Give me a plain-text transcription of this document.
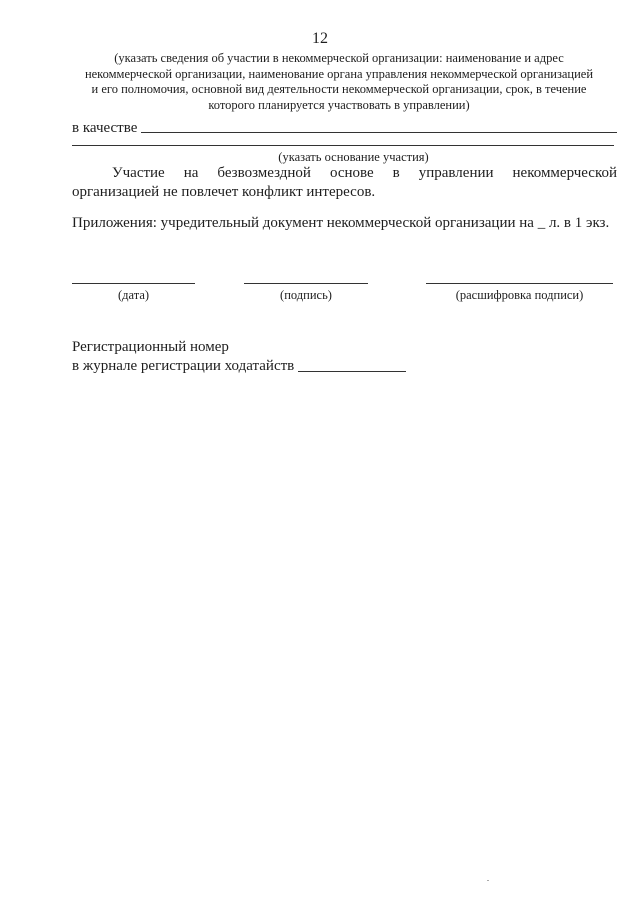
12
(указать сведения об участии в некоммерческой организации: наименование и адрес
некоммерческой организации, наименование органа управления некоммерческой организацией
и его полномочия, основной вид деятельности некоммерческой организации, срок, в течение
которого планируется участвовать в управлении)
в качестве
(указать основание участия)
Участие на безвозмездной основе в управлении некоммерческой
организацией не повлечет конфликт интересов.
Приложения: учредительный документ некоммерческой организации на _ л. в 1 экз.
(дата)	(подпись)	(расшифровка подписи)
Регистрационный номер
в журнале регистрации ходатайств
